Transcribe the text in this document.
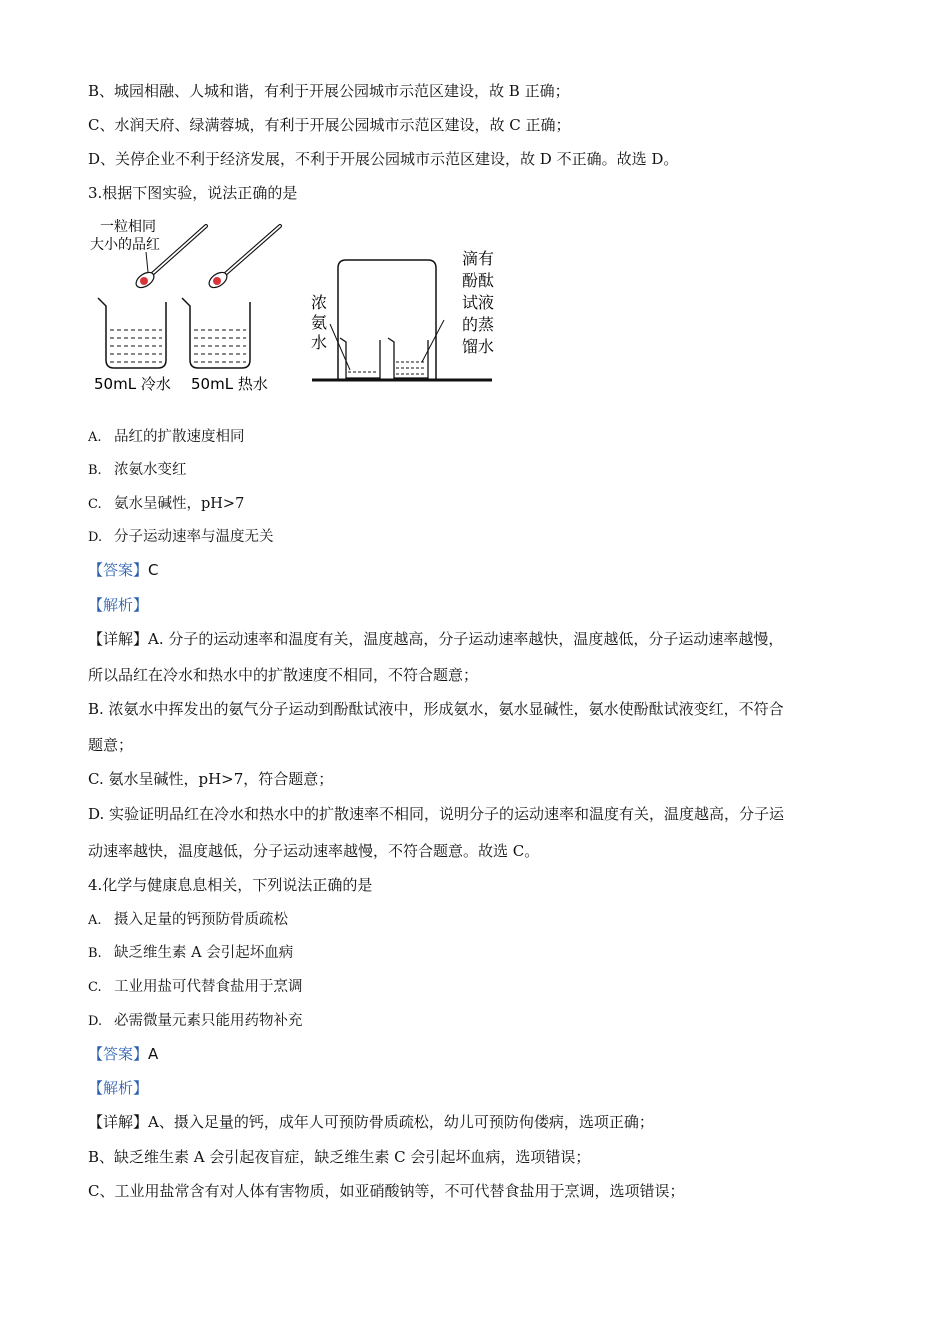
B、城园相融、人城和谐，有利于开展公园城市示范区建设，故 B 正确；
C、水润天府、绿满蓉城，有利于开展公园城市示范区建设，故 C 正确；
D、关停企业不利于经济发展，不利于开展公园城市示范区建设，故 D 不正确。故选 D。
3.根据下图实验，说法正确的是
一粒相同
大小的品红
50mL 冷水 50mL 热水
浓
氨
水
滴有
酚酞
试液
的蒸
馏水
A. 品红的扩散速度相同
B. 浓氨水变红
C. 氨水呈碱性，pH>7
D. 分子运动速率与温度无关
【答案】C
【解析】
【详解】A. 分子的运动速率和温度有关，温度越高，分子运动速率越快，温度越低，分子运动速率越慢，
所以品红在冷水和热水中的扩散速度不相同，不符合题意；
B. 浓氨水中挥发出的氨气分子运动到酚酞试液中，形成氨水，氨水显碱性，氨水使酚酞试液变红，不符合
题意；
C. 氨水呈碱性，pH>7，符合题意；
D. 实验证明品红在冷水和热水中的扩散速率不相同，说明分子的运动速率和温度有关，温度越高，分子运
动速率越快，温度越低，分子运动速率越慢，不符合题意。故选 C。
4.化学与健康息息相关，下列说法正确的是
A. 摄入足量的钙预防骨质疏松
B. 缺乏维生素 A 会引起坏血病
C. 工业用盐可代替食盐用于烹调
D. 必需微量元素只能用药物补充
【答案】A
【解析】
【详解】A、摄入足量的钙，成年人可预防骨质疏松，幼儿可预防佝偻病，选项正确；
B、缺乏维生素 A 会引起夜盲症，缺乏维生素 C 会引起坏血病，选项错误；
C、工业用盐常含有对人体有害物质，如亚硝酸钠等，不可代替食盐用于烹调，选项错误；
